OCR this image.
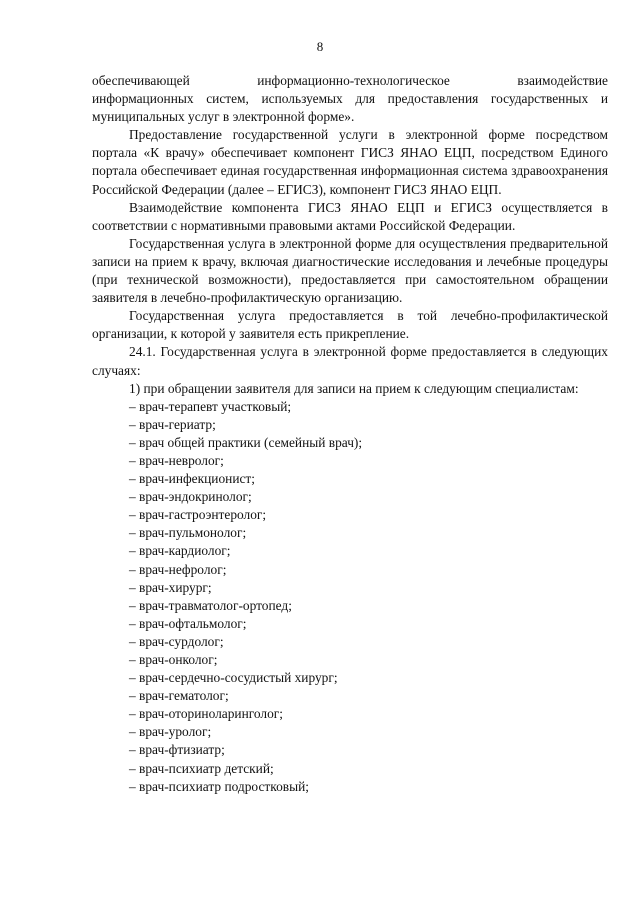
8

обеспечивающей информационно-технологическое взаимодействие

информационных систем, используемых для предоставления государственных и муниципальных услуг в электронной форме».

Предоставление государственной услуги в электронной форме посредством портала «К врачу» обеспечивает компонент ГИСЗ ЯНАО ЕЦП, посредством Единого портала обеспечивает единая государственная информационная система здравоохранения Российской Федерации (далее – ЕГИСЗ), компонент ГИСЗ ЯНАО ЕЦП.

Взаимодействие компонента ГИСЗ ЯНАО ЕЦП и ЕГИСЗ осуществляется в соответствии с нормативными правовыми актами Российской Федерации.

Государственная услуга в электронной форме для осуществления предварительной записи на прием к врачу, включая диагностические исследования и лечебные процедуры (при технической возможности), предоставляется при самостоятельном обращении заявителя в лечебно-профилактическую организацию.

Государственная услуга предоставляется в той лечебно-профилактической организации, к которой у заявителя есть прикрепление.

24.1. Государственная услуга в электронной форме предоставляется в следующих случаях:

1) при обращении заявителя для записи на прием к следующим специалистам:

– врач-терапевт участковый;
– врач-гериатр;
– врач общей практики (семейный врач);
– врач-невролог;
– врач-инфекционист;
– врач-эндокринолог;
– врач-гастроэнтеролог;
– врач-пульмонолог;
– врач-кардиолог;
– врач-нефролог;
– врач-хирург;
– врач-травматолог-ортопед;
– врач-офтальмолог;
– врач-сурдолог;
– врач-онколог;
– врач-сердечно-сосудистый хирург;
– врач-гематолог;
– врач-оториноларинголог;
– врач-уролог;
– врач-фтизиатр;
– врач-психиатр детский;
– врач-психиатр подростковый;
